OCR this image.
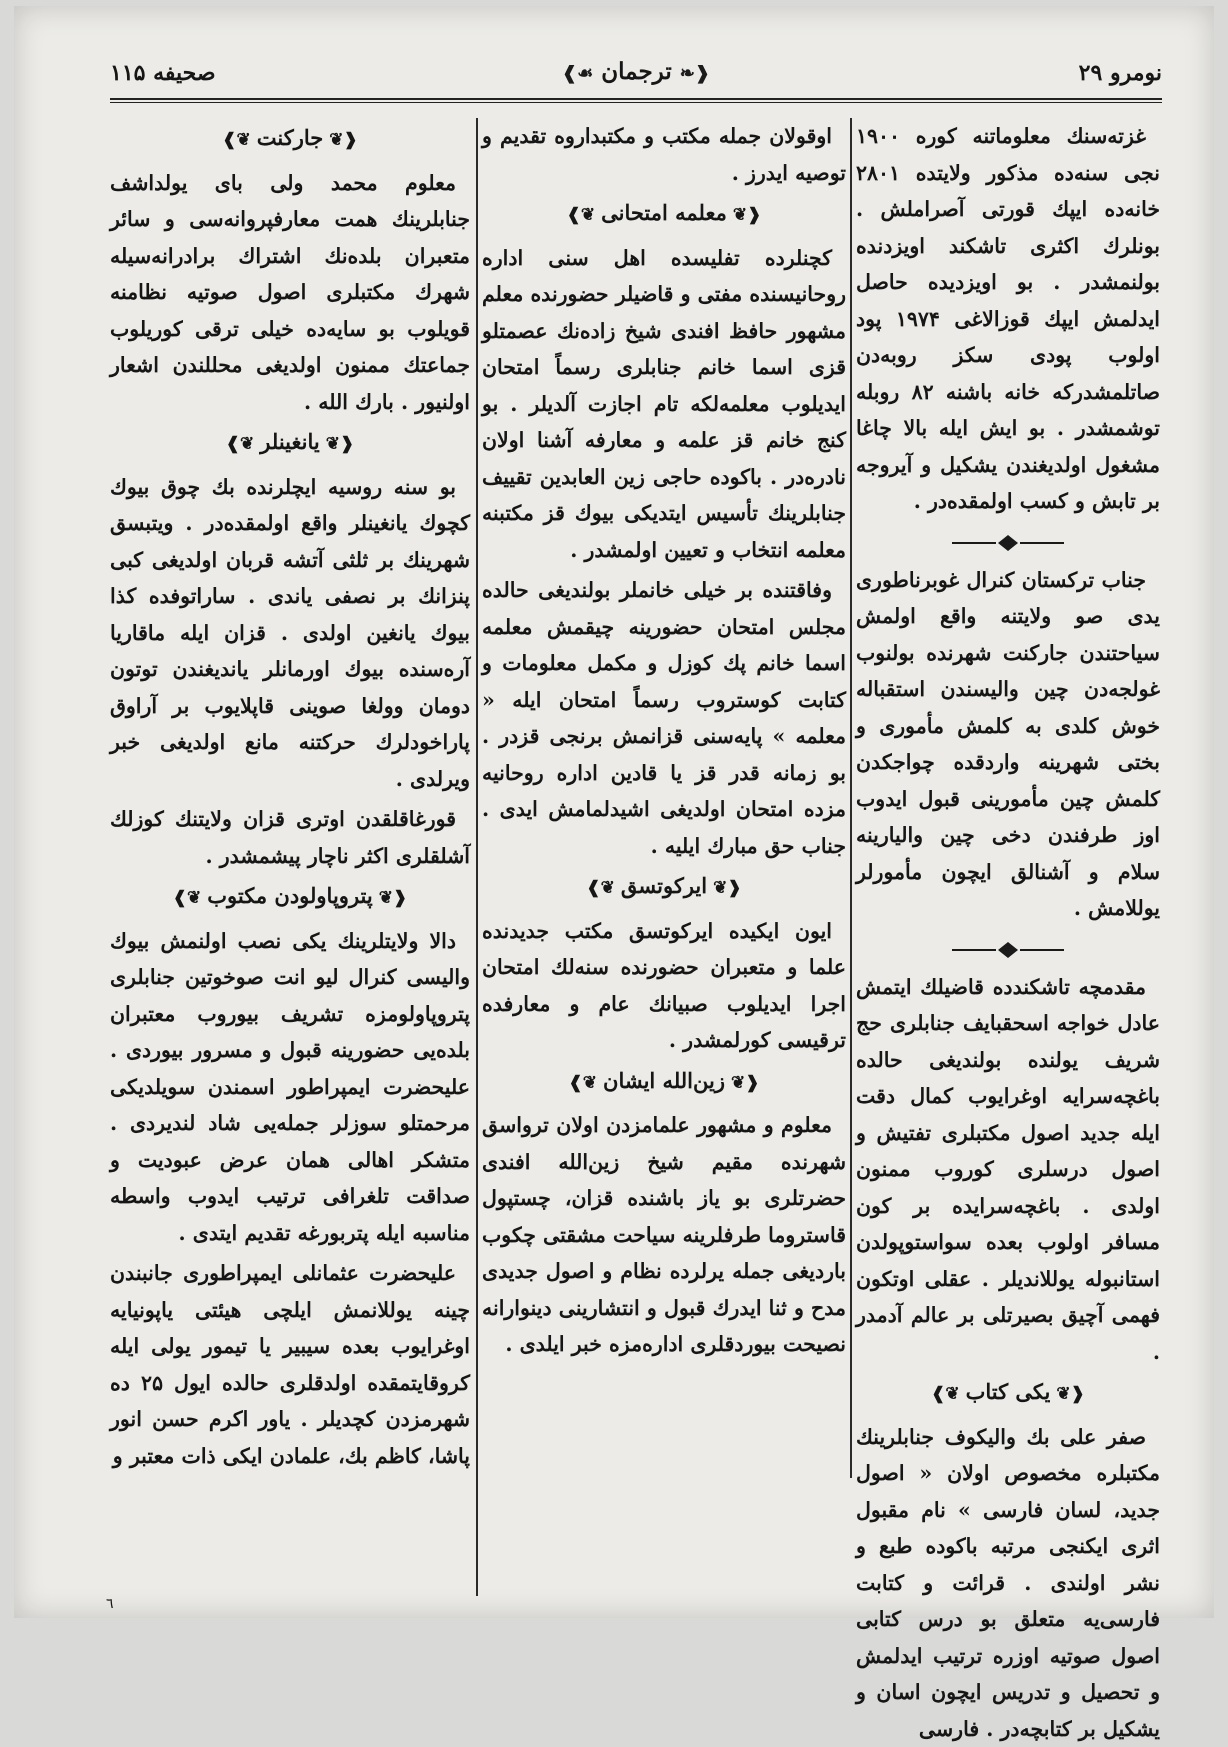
نومرو ۲۹
❰❧ ترجمان ☙❱
صحیفه ۱۱۵

غزته‌سنك معلوماتنه کوره ۱۹۰۰ نجی سنه‌ده مذکور ولایتده ۲۸۰۱ خانه‌ده ایپك قورتی آصراملش . بونلرك اکثری تاشکند اویزدنده بولنمشدر . بو اویزدیده حاصل ایدلمش ایپك قوزالاغی ۱۹۷۴ پود اولوب پودی سکز روبه‌دن صاتلمشدرکه خانه باشنه ۸۲ روبله توشمشدر . بو ایش ایله بالا چاغا مشغول اولدیغندن یشکیل و آیروجه بر تابش و کسب اولمقده‌در .

جناب ترکستان کنرال غوبرناطوری یدی صو ولایتنه واقع اولمش سیاحتندن جارکنت شهرنده بولنوب غولجه‌دن چین والیسندن استقباله خوش کلدی به کلمش مأموری و بختی شهرینه واردقده چواجکدن کلمش چین مأمورینی قبول ایدوب اوز طرفندن دخی چین والیارینه سلام و آشنالق ایچون مأمورلر یوللامش .

مقدمچه تاشکندده قاضیلك ایتمش عادل خواجه اسحقبایف جنابلری حج شریف یولنده بولندیغی حالده باغچه‌سرایه اوغرایوب کمال دقت ایله جدید اصول مکتبلری تفتیش و اصول درسلری کوروب ممنون اولدی . باغچه‌سرایده بر کون مسافر اولوب بعده سواستوپولدن استانبوله یوللاندیلر . عقلی اوتکون فهمی آچیق بصیرتلی بر عالم آدمدر .

❰❦یکی کتاب❦❱

صفر علی بك والیکوف جنابلرینك مکتبلره مخصوص اولان « اصول جدید، لسان فارسی » نام مقبول اثری ایکنجی مرتبه باکوده طبع و نشر اولندی . قرائت و کتابت فارسی‌یه متعلق بو درس کتابی اصول صوتیه اوزره ترتیب ایدلمش و تحصیل و تدریس ایچون اسان و یشکیل بر کتابچه‌در . فارسی

اوقولان جمله مکتب و مکتبداروه تقدیم و توصیه ایدرز .

❰❦معلمه امتحانی❦❱

کچنلرده تفلیسده اهل سنی اداره روحانیسنده مفتی و قاضیلر حضورنده معلم مشهور حافظ افندی شیخ زاده‌نك عصمتلو قزی اسما خانم جنابلری رسماً امتحان ایدیلوب معلمه‌لکه تام اجازت آلدیلر . بو کنج خانم قز علمه و معارفه آشنا اولان نادره‌در . باکوده حاجی زین العابدین تقییف جنابلرینك تأسیس ایتدیکی بیوك قز مکتبنه معلمه انتخاب و تعیین اولمشدر .

وفاقتنده بر خیلی خانملر بولندیغی حالده مجلس امتحان حضورینه چیقمش معلمه اسما خانم پك کوزل و مکمل معلومات و کتابت کوستروب رسماً امتحان ایله « معلمه » پایه‌سنی قزانمش برنجی قزدر . بو زمانه قدر قز یا قادین اداره روحانیه مزده امتحان اولدیغی اشیدلمامش ایدی . جناب حق مبارك ایلیه .

❰❦ایرکوتسق❦❱

ایون ایکیده ایرکوتسق مکتب جدیدنده علما و متعبران حضورنده سنه‌لك امتحان اجرا ایدیلوب صبیانك عام و معارفده ترقیسی کورلمشدر .

❰❦زین‌الله ایشان❦❱

معلوم و مشهور علمامزدن اولان تروا‌سق شهرنده مقیم شیخ زین‌الله افندی حضرتلری بو یاز باشنده قزان، چستپول قاستروما طرفلرینه سیاحت مشقتی چکوب باردیغی جمله یرلرده نظام و اصول جدیدی مدح و ثنا ایدرك قبول و انتشارینی دینوارانه نصیحت بیوردقلری اداره‌مزه خبر ایلدی .

❰❦جارکنت❦❱

معلوم محمد ولی بای یولداشف جنابلرینك همت معارفپروانه‌سی و سائر متعبران بلده‌نك اشتراك برادرانه‌سیله شهرك مکتبلری اصول صوتیه نظامنه قویلوب بو سایه‌ده خیلی ترقی کوریلوب جماعتك ممنون اولدیغی محللندن اشعار اولنیور . بارك الله .

❰❦یانغینلر❦❱

بو سنه روسیه ایچلرنده بك چوق بیوك کچوك یانغینلر واقع اولمقده‌در . ویتبسق شهرینك بر ثلثی آتشه قربان اولدیغی کبی پنزانك بر نصفی یاندی . ساراتوفده کذا بیوك یانغین اولدی . قزان ایله ماقاریا آره‌سنده بیوك اورمانلر یاندیغندن توتون دومان وولغا صوینی قاپلایوب بر آراوق پاراخودلرك حرکتنه مانع اولدیغی خبر ویرلدی .

قورغاقلقدن اوتری قزان ولایتنك کوزلك آشلقلری اکثر ناچار پیشمشدر .

❰❦پتروپاولودن مکتوب❦❱

دالا ولایتلرینك یکی نصب اولنمش بیوك والیسی کنرال لیو انت صوخوتین جنابلری پتروپاولومزه تشریف بیوروب معتبران بلده‌یی حضورینه قبول و مسرور بیوردی . علیحضرت ایمپراطور اسمندن سویلدیکی مرحمتلو سوزلر جمله‌یی شاد لندیردی . متشکر اهالی همان عرض عبودیت و صداقت تلغرافی ترتیب ایدوب واسطه مناسبه ایله پتربورغه تقدیم ایتدی .

علیحضرت عثمانلی ایمپراطوری جانبندن چینه یوللانمش ایلچی هیئتی یاپونیایه اوغرایوب بعده سیبیر یا تیمور یولی ایله کروقایتمقده اولدقلری حالده ایول ۲۵ ده شهرمزدن کچدیلر . یاور اکرم حسن انور پاشا، کاظم بك، علمادن ایکی ذات معتبر و

٦
